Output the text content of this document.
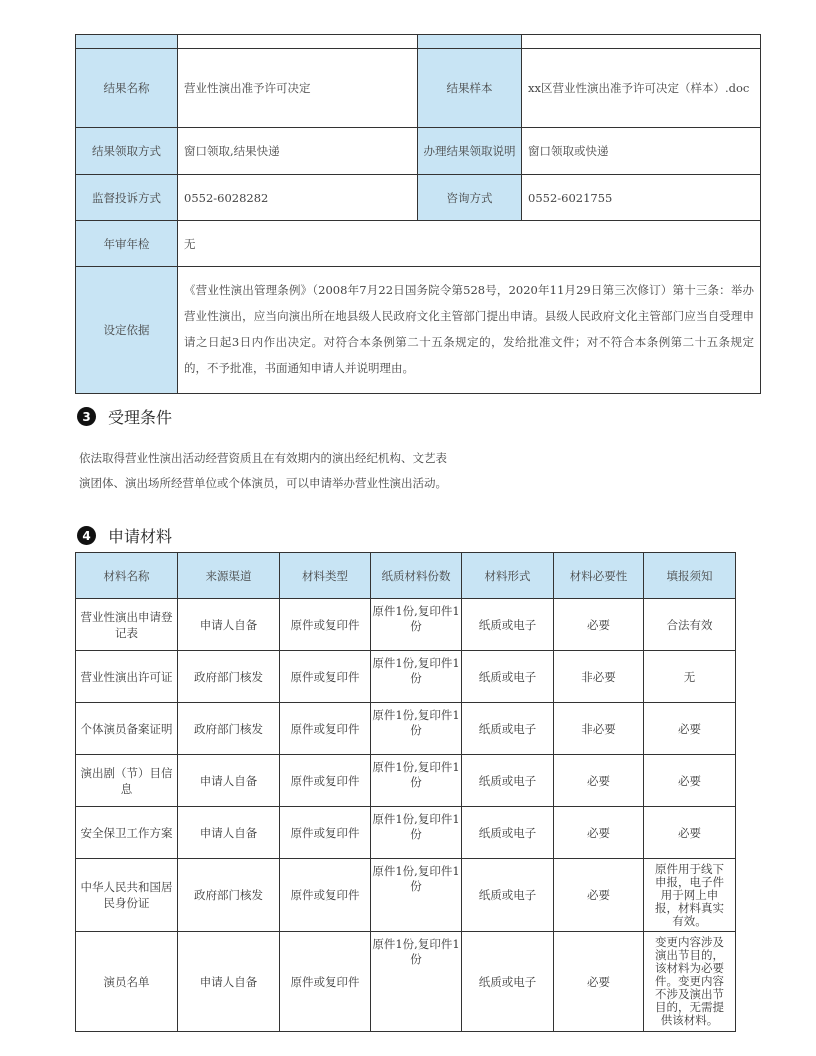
结果名称	营业性演出准予许可决定	结果样本	xx区营业性演出准予许可决定（样本）.doc
结果领取方式	窗口领取,结果快递	办理结果领取说明	窗口领取或快递
监督投诉方式	0552-6028282	咨询方式	0552-6021755
年审年检	无		
设定依据	《营业性演出管理条例》（2008年7月22日国务院令第528号，2020年11月29日第三次修订）第十三条：举办营业性演出，应当向演出所在地县级人民政府文化主管部门提出申请。县级人民政府文化主管部门应当自受理申请之日起3日内作出决定。对符合本条例第二十五条规定的，发给批准文件；对不符合本条例第二十五条规定的，不予批准，书面通知申请人并说明理由。		
3	受理条件
依法取得营业性演出活动经营资质且在有效期内的演出经纪机构、文艺表
演团体、演出场所经营单位或个体演员，可以申请举办营业性演出活动。
4	申请材料
材料名称	来源渠道	材料类型	纸质材料份数	材料形式	材料必要性	填报须知
营业性演出申请登记表	申请人自备	原件或复印件	原件1份,复印件1份	纸质或电子	必要	合法有效
营业性演出许可证	政府部门核发	原件或复印件	原件1份,复印件1份	纸质或电子	非必要	无
个体演员备案证明	政府部门核发	原件或复印件	原件1份,复印件1份	纸质或电子	非必要	必要
演出剧（节）目信息	申请人自备	原件或复印件	原件1份,复印件1份	纸质或电子	必要	必要
安全保卫工作方案	申请人自备	原件或复印件	原件1份,复印件1份	纸质或电子	必要	必要
中华人民共和国居民身份证	政府部门核发	原件或复印件	原件1份,复印件1份	纸质或电子	必要	原件用于线下申报，电子件用于网上申报，材料真实有效。
演员名单	申请人自备	原件或复印件	原件1份,复印件1份	纸质或电子	必要	变更内容涉及演出节目的，该材料为必要件。变更内容不涉及演出节目的，无需提供该材料。
